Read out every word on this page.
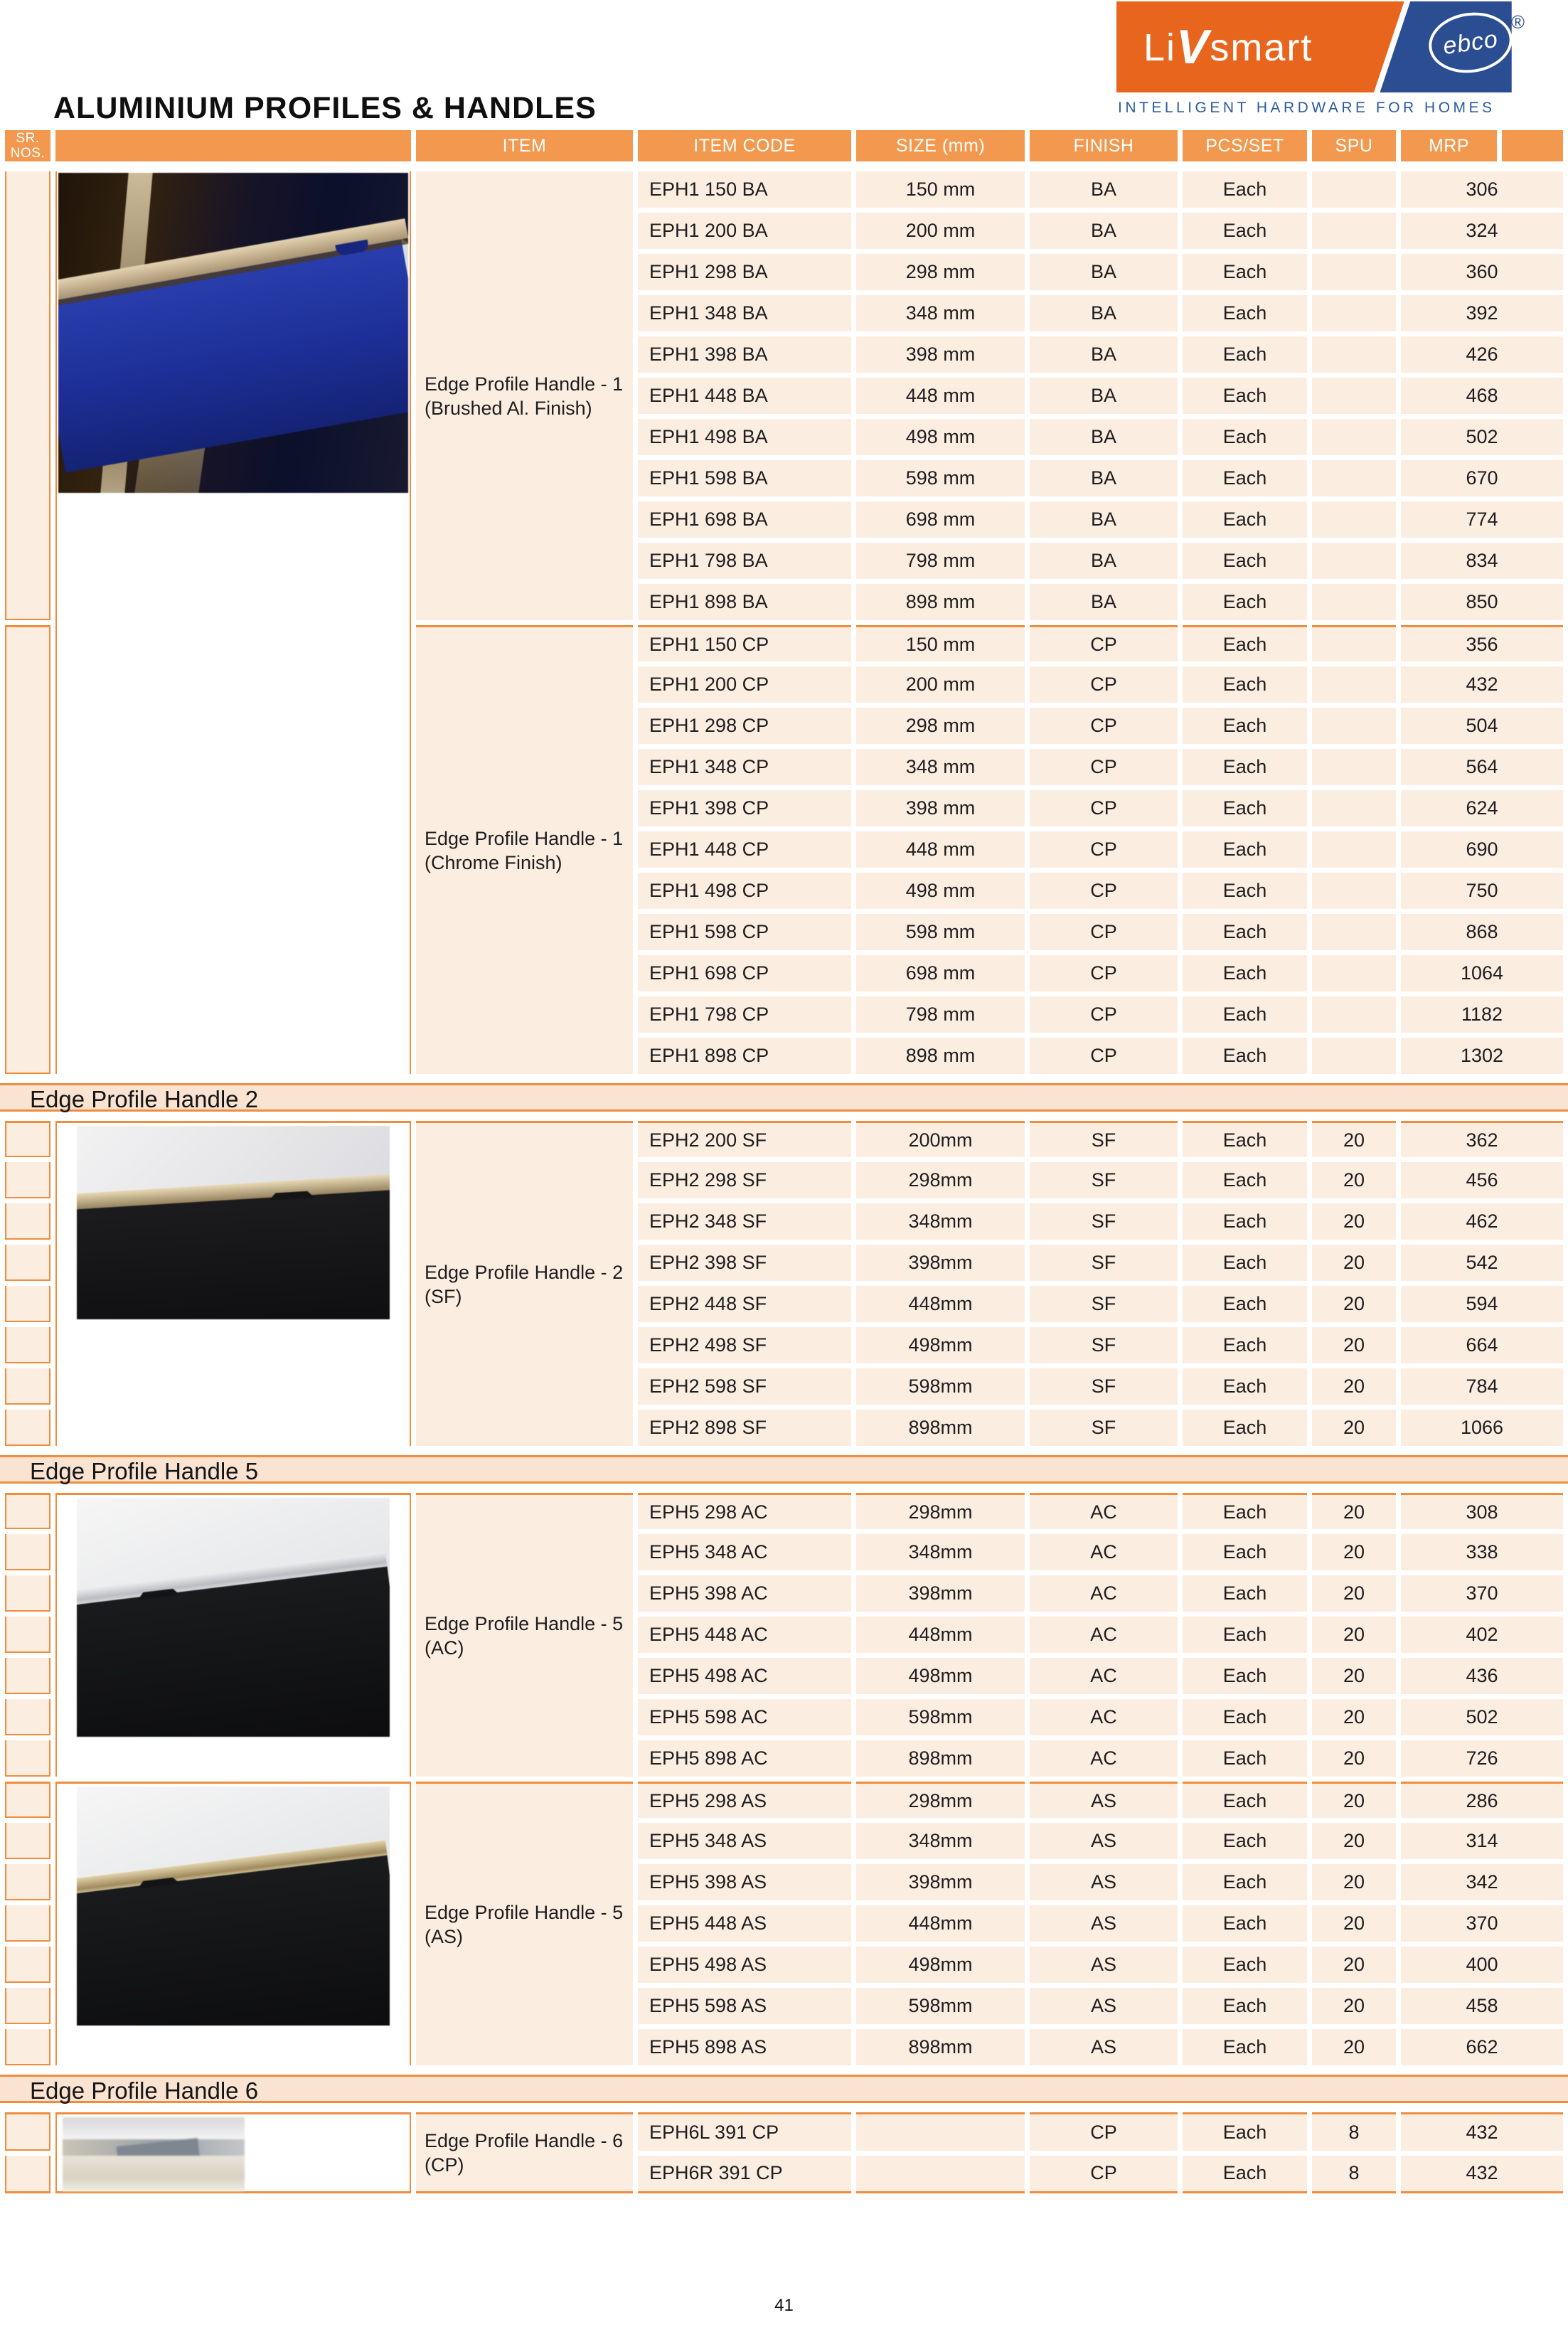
ALUMINIUM PROFILES & HANDLES
LiVsmart	ebco
®
INTELLIGENT HARDWARE FOR HOMES
SR.
NOS.		ITEM	ITEM CODE	SIZE (mm)	FINISH	PCS/SET	SPU	MRP	

		Edge Profile Handle - 1
(Brushed Al. Finish)	EPH1 150 BA	150 mm	BA	Each		306
			EPH1 200 BA	200 mm	BA	Each		324
			EPH1 298 BA	298 mm	BA	Each		360
			EPH1 348 BA	348 mm	BA	Each		392
			EPH1 398 BA	398 mm	BA	Each		426
			EPH1 448 BA	448 mm	BA	Each		468
			EPH1 498 BA	498 mm	BA	Each		502
			EPH1 598 BA	598 mm	BA	Each		670
			EPH1 698 BA	698 mm	BA	Each		774
			EPH1 798 BA	798 mm	BA	Each		834
			EPH1 898 BA	898 mm	BA	Each		850

		Edge Profile Handle - 1
(Chrome Finish)	EPH1 150 CP	150 mm	CP	Each		356
			EPH1 200 CP	200 mm	CP	Each		432
			EPH1 298 CP	298 mm	CP	Each		504
			EPH1 348 CP	348 mm	CP	Each		564
			EPH1 398 CP	398 mm	CP	Each		624
			EPH1 448 CP	448 mm	CP	Each		690
			EPH1 498 CP	498 mm	CP	Each		750
			EPH1 598 CP	598 mm	CP	Each		868
			EPH1 698 CP	698 mm	CP	Each		1064
			EPH1 798 CP	798 mm	CP	Each		1182
			EPH1 898 CP	898 mm	CP	Each		1302
Edge Profile Handle 2

		Edge Profile Handle - 2
(SF)	EPH2 200 SF	200mm	SF	Each	20	362
			EPH2 298 SF	298mm	SF	Each	20	456
			EPH2 348 SF	348mm	SF	Each	20	462
			EPH2 398 SF	398mm	SF	Each	20	542
			EPH2 448 SF	448mm	SF	Each	20	594
			EPH2 498 SF	498mm	SF	Each	20	664
			EPH2 598 SF	598mm	SF	Each	20	784
			EPH2 898 SF	898mm	SF	Each	20	1066
Edge Profile Handle 5

		Edge Profile Handle - 5
(AC)	EPH5 298 AC	298mm	AC	Each	20	308
			EPH5 348 AC	348mm	AC	Each	20	338
			EPH5 398 AC	398mm	AC	Each	20	370
			EPH5 448 AC	448mm	AC	Each	20	402
			EPH5 498 AC	498mm	AC	Each	20	436
			EPH5 598 AC	598mm	AC	Each	20	502
			EPH5 898 AC	898mm	AC	Each	20	726

		Edge Profile Handle - 5
(AS)	EPH5 298 AS	298mm	AS	Each	20	286
			EPH5 348 AS	348mm	AS	Each	20	314
			EPH5 398 AS	398mm	AS	Each	20	342
			EPH5 448 AS	448mm	AS	Each	20	370
			EPH5 498 AS	498mm	AS	Each	20	400
			EPH5 598 AS	598mm	AS	Each	20	458
			EPH5 898 AS	898mm	AS	Each	20	662
Edge Profile Handle 6

		Edge Profile Handle - 6
(CP)	EPH6L 391 CP		CP	Each	8	432
			EPH6R 391 CP		CP	Each	8	432
41
